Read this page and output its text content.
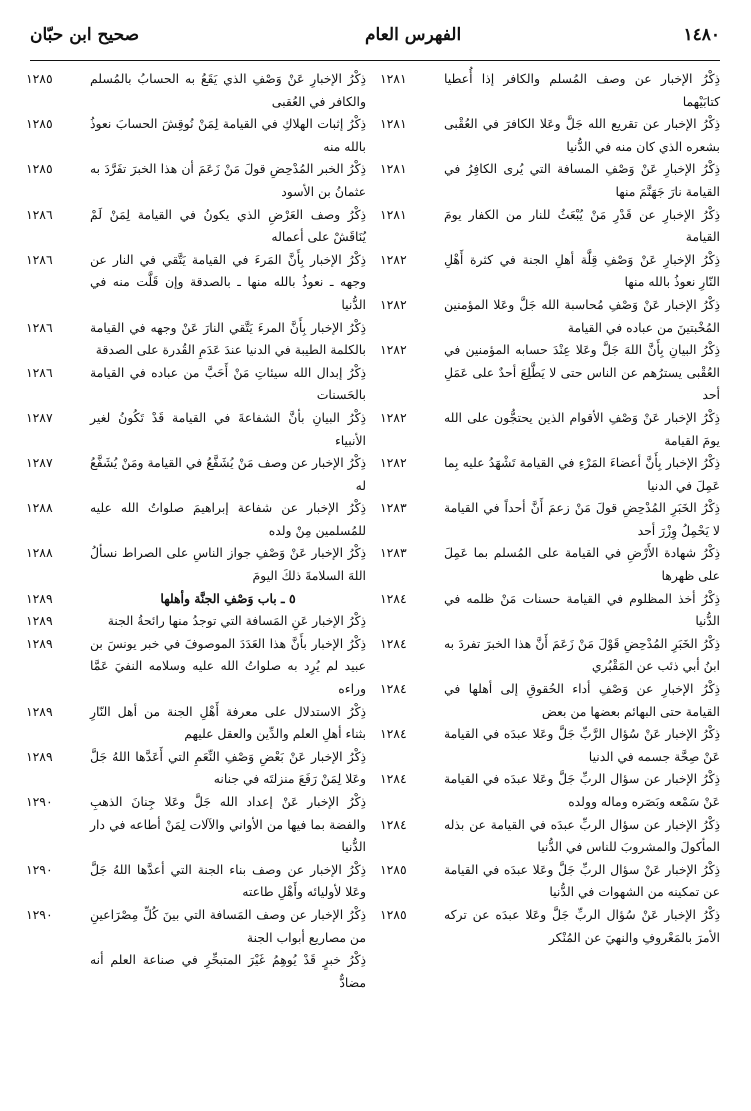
١٤٨٠
الفهرس العام
صحيح ابن حبّان
ذِكْرُ الإخبار عن وصف المُسلم والكافر إذا أُعطيا كتابَيْهما
١٢٨١
ذِكْرُ الإخبار عن تقريع الله جَلَّ وعَلا الكافرَ في العُقْبى بشعره الذي كان منه في الدُّنيا
١٢٨١
ذِكْرُ الإخبارِ عَنْ وَصْفِ المسافة التي يُرى الكافِرُ في القيامة نارَ جَهَنَّمَ منها
١٢٨١
ذِكْرُ الإخبارِ عن قَدْرِ مَنْ يُبْعَثُ للنار من الكفار يومَ القيامة
١٢٨١
ذِكْرُ الإخبارِ عَنْ وَصْفِ قِلَّة أهلِ الجنة في كثرة أَهْلِ النّارِ نعوذُ بالله منها
١٢٨٢
ذِكْرُ الإخبار عَنْ وَصْفِ مُحاسبة الله جَلَّ وعَلا المؤمنين المُخْبتينَ من عباده في القيامة
١٢٨٢
ذِكْرُ البيانِ بِأَنَّ اللهَ جَلَّ وعَلا عِنْدَ حسابه المؤمنين في العُقْبى يسترُهم عن الناس حتى لا يَطَّلِعَ أحدٌ على عَمَلِ أحد
١٢٨٢
ذِكْرُ الإخبار عَنْ وَصْفِ الأقوام الذين يحتجُّون على الله يومَ القيامة
١٢٨٢
ذِكْرُ الإخبار بِأَنَّ أعضاءَ المَرْءِ في القيامة تَشْهَدُ عليه بِما عَمِلَ في الدنيا
١٢٨٢
ذِكْرُ الخَبَرِ المُدْحِضِ قولَ مَنْ زعمَ أَنَّ أحداً في القيامة لا يَحْمِلُ وِزْرَ أحد
١٢٨٣
ذِكْرُ شهادة الأَرْضِ في القيامة على المُسلم بما عَمِلَ على ظهرها
١٢٨٣
ذِكْرُ أخذ المظلوم في القيامة حسنات مَنْ ظلمه في الدُّنيا
١٢٨٤
ذِكْرُ الخَبَرِ المُدْحِضِ قَوْلَ مَنْ زَعَمَ أَنَّ هذا الخبرَ تفردَ به ابنُ أبي ذئب عن المَقْبُري
١٢٨٤
ذِكْرُ الإخبارِ عن وَصْفِ أداء الحُقوقِ إلى أهلها في القيامة حتى البهائم بعضها من بعض
١٢٨٤
ذِكْرُ الإخبار عَنْ سُؤال الرَّبِّ جَلَّ وعَلا عبدَه في القيامة عَنْ صِحَّة جسمه في الدنيا
١٢٨٤
ذِكْرُ الإخبار عن سؤال الربِّ جَلَّ وعَلا عبدَه في القيامة عَنْ سَمْعه وبَصَره وماله وولده
١٢٨٤
ذِكْرُ الإخبار عن سؤال الربِّ عبدَه في القيامة عن بذله المأكولَ والمشروبَ للناس في الدُّنيا
١٢٨٤
ذِكْرُ الإخبار عَنْ سؤال الربِّ جَلَّ وعَلا عبدَه في القيامة عن تمكينه من الشهوات في الدُّنيا
١٢٨٥
ذِكْرُ الإخبار عَنْ سُؤال الربِّ جَلَّ وعَلا عبدَه عن تركه الأمرَ بالمَعْروفِ والنهيَ عن المُنْكر
١٢٨٥
ذِكْرُ الإخبارِ عَنْ وَصْفِ الذي يَقَعُ به الحسابُ بالمُسلم والكافر في العُقبى
١٢٨٥
ذِكْرُ إثبات الهلاكِ في القيامة لِمَنْ نُوقِشَ الحسابَ نعوذُ بالله منه
١٢٨٥
ذِكْرُ الخبر المُدْحِضِ قولَ مَنْ زَعَمَ أن هذا الخبرَ تفَرَّدَ به عثمانُ بن الأسود
١٢٨٥
ذِكْرُ وصف العَرْضِ الذي يكونُ في القيامة لِمَنْ لَمْ يُنَاقَشْ على أعماله
١٢٨٦
ذِكْرُ الإخبار بِأَنَّ المَرءَ في القيامة يَتَّقي في النار عن وجهه ـ نعوذُ بالله منها ـ بالصدقة وإن قَلَّت منه في الدُّنيا
١٢٨٦
ذِكْرُ الإخبار بِأَنَّ المرءَ يَتَّقي النارَ عَنْ وجهه في القيامة بالكلمة الطيبة في الدنيا عندَ عَدَمِ القُدرة على الصدقة
١٢٨٦
ذِكْرُ إبدال الله سيئاتِ مَنْ أَحَبَّ من عباده في القيامة بالحَسنات
١٢٨٦
ذِكْرُ البيانِ بأنَّ الشفاعةَ في القيامة قَدْ تَكُونُ لغير الأنبياء
١٢٨٧
ذِكْرُ الإخبار عن وصف مَنْ يُشَفَّعُ في القيامة ومَنْ يُشَفَّعُ له
١٢٨٧
ذِكْرُ الإخبار عن شفاعة إبراهيمَ صلواتُ الله عليه للمُسلمين مِنْ ولده
١٢٨٨
ذِكْرُ الإخبار عَنْ وَصْفِ جواز الناسِ على الصراط نسألُ اللهَ السلامةَ ذلكَ اليومَ
١٢٨٨
٥ ـ باب وَصْفِ الجنَّة وأهلها
١٢٨٩
ذِكْرُ الإخبار عَنِ المَسافة التي توجدُ منها رائحةُ الجنة
١٢٨٩
ذِكْرُ الإخبار بأَنَّ هذا العَدَدَ الموصوفَ في خبر يونسَ بن عبيد لم يُرِد به صلواتُ الله عليه وسلامه النفيَ عَمَّا وراءه
١٢٨٩
ذِكْرُ الاستدلال على معرفة أَهْلِ الجنة من أهل النّارِ بثناء أهلِ العلم والدِّين والعقل عليهم
١٢٨٩
ذِكْرُ الإخبار عَنْ بَعْضِ وَصْفِ النِّعَمِ التي أَعَدَّها اللهُ جَلَّ وعَلا لِمَنْ رَفَعَ منزلتَه في جنانه
١٢٨٩
ذِكْرُ الإخبار عَنْ إعداد الله جَلَّ وعَلا جِنانَ الذهبِ والفضة بما فيها من الأواني والآلات لِمَنْ أطاعه في دار الدُّنيا
١٢٩٠
ذِكْرُ الإخبار عن وصف بناء الجنة التي أعدَّها اللهُ جَلَّ وعَلا لأوليائه وأَهْلِ طاعته
١٢٩٠
ذِكْرُ الإخبار عن وصف المَسافة التي بينَ كُلِّ مِصْرَاعينِ من مصاريع أبواب الجنة
١٢٩٠
ذِكْرُ خبرٍ قَدْ يُوهِمُ غَيْرَ المتبحِّرِ في صناعة العلم أنه مضادٌّ
